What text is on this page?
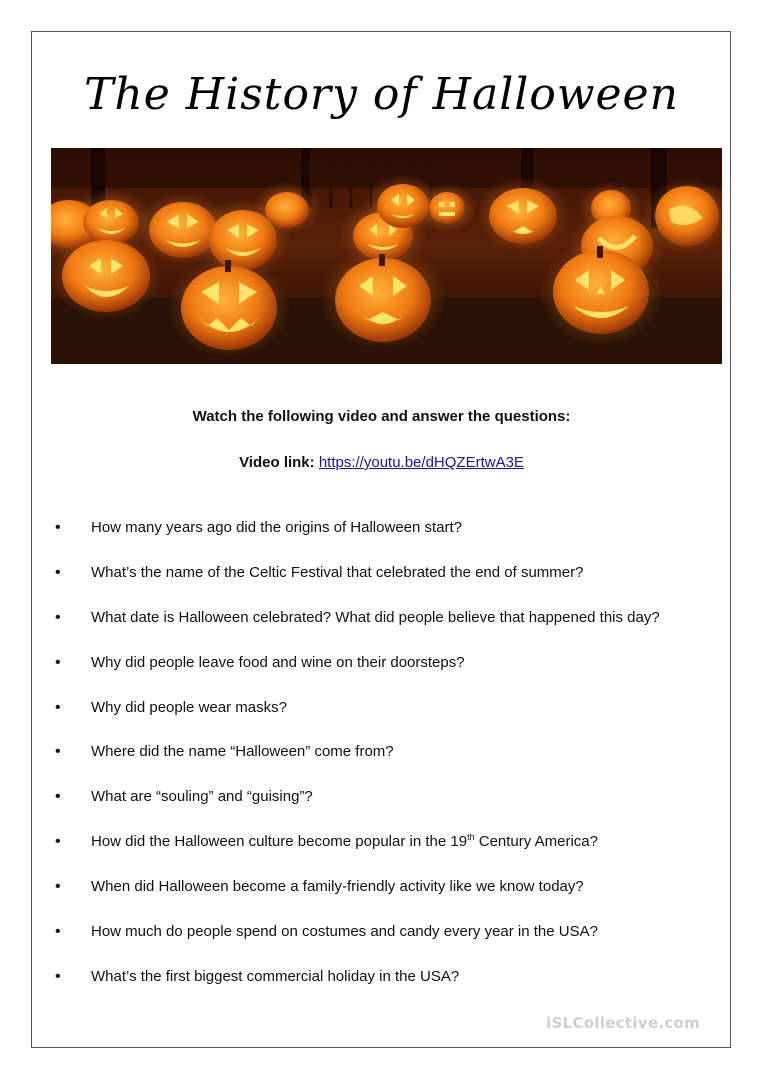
The History of Halloween
Watch the following video and answer the questions:
Video link: https://youtu.be/dHQZErtwA3E
•	How many years ago did the origins of Halloween start?
•	What’s the name of the Celtic Festival that celebrated the end of summer?
•	What date is Halloween celebrated? What did people believe that happened this day?
•	Why did people leave food and wine on their doorsteps?
•	Why did people wear masks?
•	Where did the name “Halloween” come from?
•	What are “souling” and “guising”?
•	How did the Halloween culture become popular in the 19th Century America?
•	When did Halloween become a family-friendly activity like we know today?
•	How much do people spend on costumes and candy every year in the USA?
•	What’s the first biggest commercial holiday in the USA?
iSLCollective.com
